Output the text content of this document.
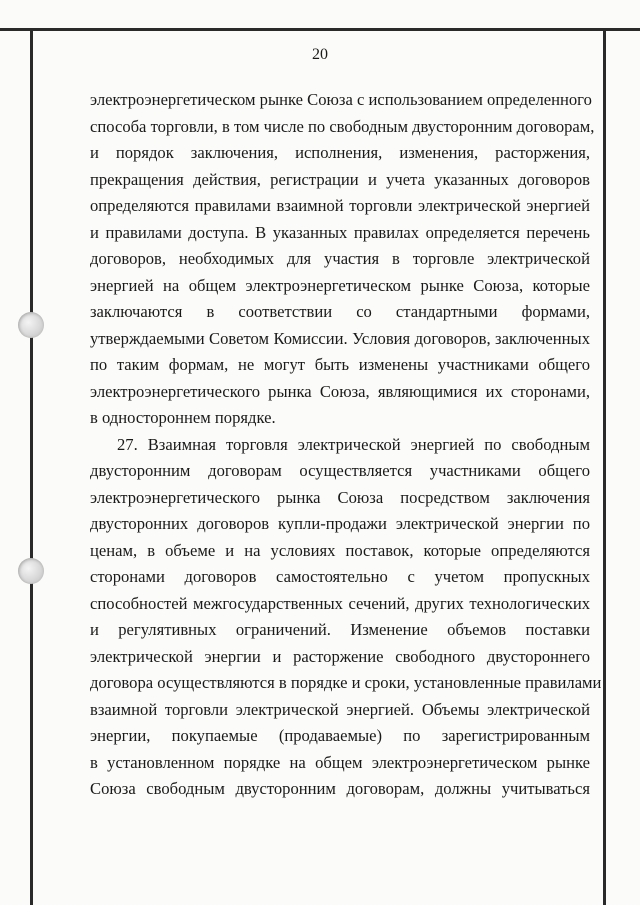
20
электроэнергетическом рынке Союза с использованием определенного
способа торговли, в том числе по свободным двусторонним договорам,
и порядок заключения, исполнения, изменения, расторжения,
прекращения действия, регистрации и учета указанных договоров
определяются правилами взаимной торговли электрической энергией
и правилами доступа. В указанных правилах определяется перечень
договоров, необходимых для участия в торговле электрической
энергией на общем электроэнергетическом рынке Союза, которые
заключаются в соответствии со стандартными формами,
утверждаемыми Советом Комиссии. Условия договоров, заключенных
по таким формам, не могут быть изменены участниками общего
электроэнергетического рынка Союза, являющимися их сторонами,
в одностороннем порядке.
27. Взаимная торговля электрической энергией по свободным
двусторонним договорам осуществляется участниками общего
электроэнергетического рынка Союза посредством заключения
двусторонних договоров купли-продажи электрической энергии по
ценам, в объеме и на условиях поставок, которые определяются
сторонами договоров самостоятельно с учетом пропускных
способностей межгосударственных сечений, других технологических
и регулятивных ограничений. Изменение объемов поставки
электрической энергии и расторжение свободного двустороннего
договора осуществляются в порядке и сроки, установленные правилами
взаимной торговли электрической энергией. Объемы электрической
энергии, покупаемые (продаваемые) по зарегистрированным
в установленном порядке на общем электроэнергетическом рынке
Союза свободным двусторонним договорам, должны учитываться
